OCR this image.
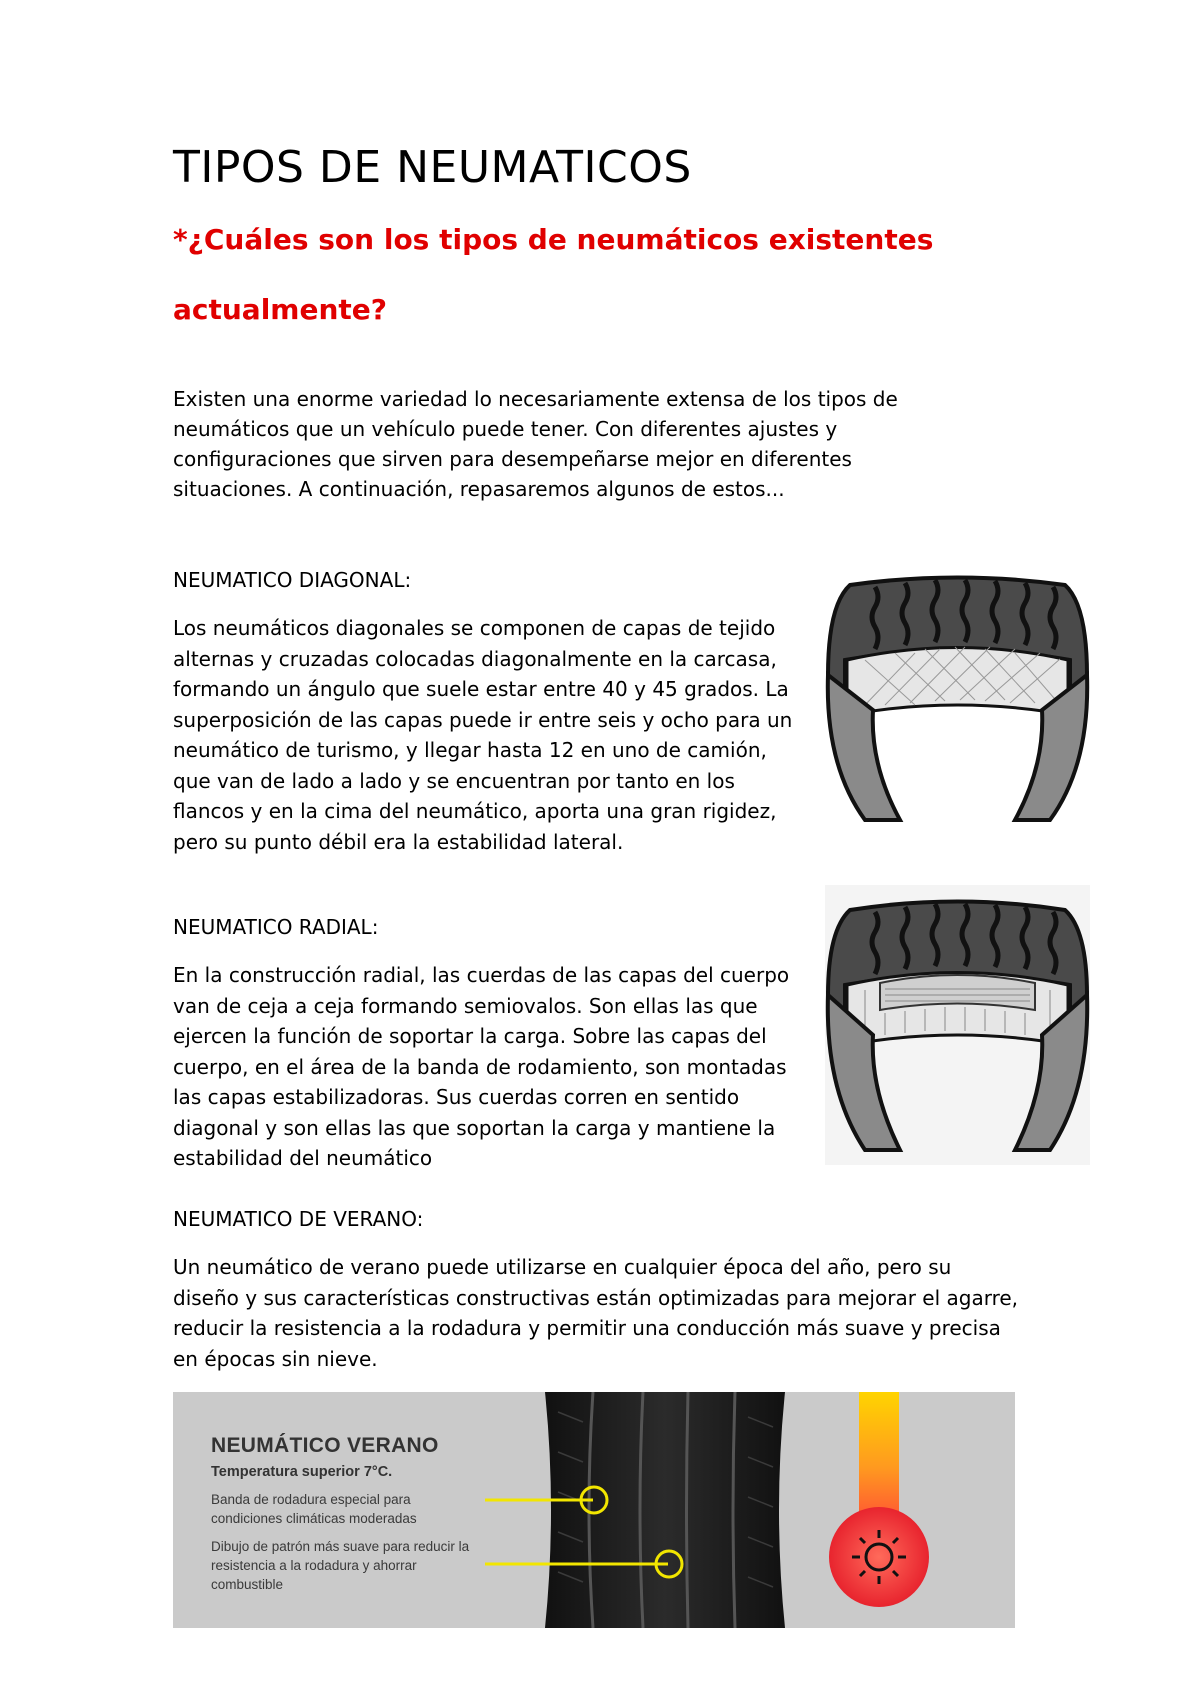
TIPOS DE NEUMATICOS

*¿Cuáles son los tipos de neumáticos existentes actualmente?

Existen una enorme variedad lo necesariamente extensa de los tipos de neumáticos que un vehículo puede tener. Con diferentes ajustes y configuraciones que sirven para desempeñarse mejor en diferentes situaciones. A continuación, repasaremos algunos de estos...

NEUMATICO DIAGONAL:

Los neumáticos diagonales se componen de capas de tejido alternas y cruzadas colocadas diagonalmente en la carcasa, formando un ángulo que suele estar entre 40 y 45 grados. La superposición de las capas puede ir entre seis y ocho para un neumático de turismo, y llegar hasta 12 en uno de camión, que van de lado a lado y se encuentran por tanto en los flancos y en la cima del neumático, aporta una gran rigidez, pero su punto débil era la estabilidad lateral.

NEUMATICO RADIAL:

En la construcción radial, las cuerdas de las capas del cuerpo van de ceja a ceja formando semiovalos. Son ellas las que ejercen la función de soportar la carga. Sobre las capas del cuerpo, en el área de la banda de rodamiento, son montadas las capas estabilizadoras. Sus cuerdas corren en sentido diagonal y son ellas las que soportan la carga y mantiene la estabilidad del neumático

NEUMATICO DE VERANO:

Un neumático de verano puede utilizarse en cualquier época del año, pero su diseño y sus características constructivas están optimizadas para mejorar el agarre, reducir la resistencia a la rodadura y permitir una conducción más suave y precisa en épocas sin nieve.

NEUMÁTICO VERANO
Temperatura superior 7°C.
Banda de rodadura especial para condiciones climáticas moderadas
Dibujo de patrón más suave para reducir la resistencia a la rodadura y ahorrar combustible
